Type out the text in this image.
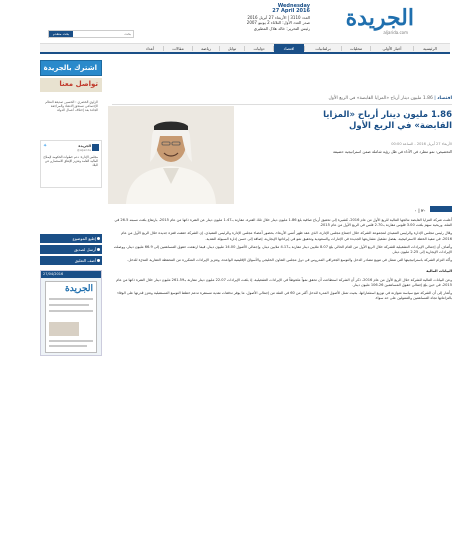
الجريدة
aljarida.com
Wednesday
27 April 2016
العدد 3110 | الأربعاء 27 أبريل 2016
صدر العدد الأول: الثلاثاء 2 يونيو 2007
رئيس التحرير: خالد هلال المطيري
بحث
بحث متقدم
الرئيسية
أخبار الأولى
محليات
برلمانيات
اقتصاد
دوليات
توابل
رياضة
مقالات
أعداد
اشترك بالجريدة
تواصل معنا
الزاوي الخضري : الحسين صديقة النظام الإجتماعي تستحق الانتقاد والمراجعة الجادة بعد إختلاف أعمال الدولة
الجريدة
@aljarida
✦
مجلس الإدارة: دعم خطوات الحكومة لإصلاح المالية العامة وتعزيز الإنفاق الاستثماري في البلاد
إطبع الموضوع
أرسل لصديق
أضف التعليق
27/04/2016
الجريدة
اقتصاد | 1.86 مليون دينار أرباح «المزايا القابضة» في الربع الأول
1.86 مليون دينار أرباح «المزايا القابضة» في الربع الأول
الأربعاء 27 أبريل 2016 - الساعة 00:00
التخصيص: نمو مطرد في الأداء في ظل رؤية شاملة ضمن استراتيجية حصيفة
٢٠ | ٠

أعلنت شركة المزايا القابضة نتائجها المالية للربع الأول من عام 2016، مُشيرة إلى تحقيق أرباح صافية بلغ 1.86 مليون دينار خلال تلك الفترة، مقارنة بـ1.47 مليون دينار عن الفترة ذاتها من عام 2015، بارتفاع بلغت نسبته 26.5 في المئة، وربحية سهم بلغت 3.00 فلوس مقارنة بـ2.70 فلس في الربع الأول من عام 2015.

وقال رئيس مجلس الإدارة والرئيس التنفيذي لمجموعة الشركة خلال اجتماع مجلس الإدارة، الذي عقد ظهر أمس الأربعاء، بحضور أعضاء مجلس الإدارة والرئيس التنفيذي، إن الشركة حققت قفزة جديدة خلال الربع الأول من عام 2016، في تنفيذ الخطة الاستراتيجية، بفضل تشغيل مشاريعها الجديدة في الإمارات والسعودية وتحقيق نمو في إيراداتها الإيجارية، إضافة إلى حسن إدارة السيولة النقدية.

وأضاف أن إجمالي الإيرادات التشغيلية للشركة خلال الربع الأول من العام الحالي بلغ 8.07 ملايين دينار مقارنة بـ4.17 ملايين دينار، وإجمالي الأصول 14.00 مليون دينار، فيما ارتفعت حقوق المساهمين إلى 66.9 مليون دينار، ووصلت الإيرادات الإيجارية إلى 2.25 مليون دينار.

وأكد التزام الشركة باستراتيجيتها التي تتمثل في تنويع مصادر الدخل والتوسع الجغرافي المدروس في دول مجلس التعاون الخليجي والأسواق الإقليمية الواعدة، وتعزيز الإيرادات المتكررة من المحفظة العقارية المدرّة للدخل.

البيانات المالية

وعن البيانات المالية للشركة خلال الربع الأول من عام 2016، ذكر أن الشركة استطاعت أن تحقق نمواً ملحوظاً في الإيرادات التشغيلية، إذ بلغت الإيرادات 22.07 مليون دينار مقارنة بـ261.59 مليون دينار خلال الفترة ذاتها من عام 2015، في حين بلغ إجمالي حقوق المساهمين 106.26 مليون دينار.

وأشار إلى أن الشركة تتبع سياسة متوازنة في توزيع استثماراتها، بحيث تمثل الأصول المدرة للدخل أكثر من 60 في المئة من إجمالي الأصول، ما يوفر تدفقات نقدية مستقرة تدعم خطط التوسع المستقبلية وتعزز قدرتها على الوفاء بالتزاماتها تجاه المساهمين والممولين على حد سواء.
